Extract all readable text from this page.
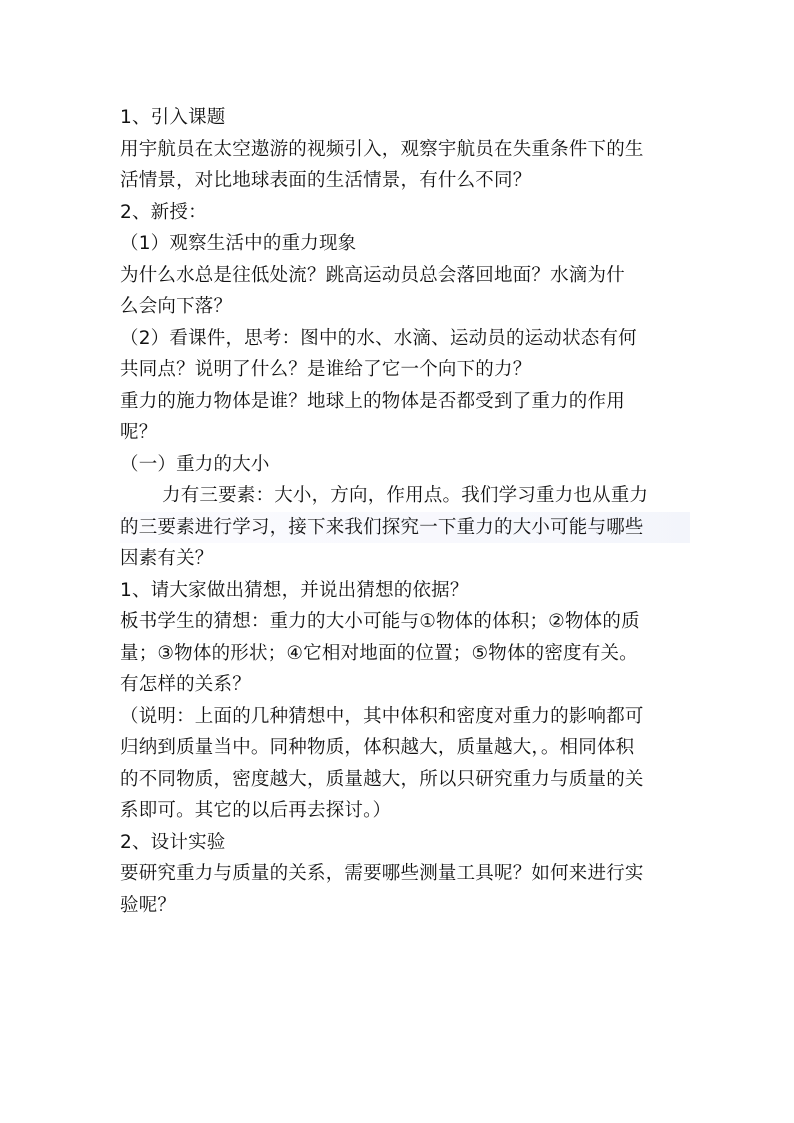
1、引入课题
用宇航员在太空遨游的视频引入，观察宇航员在失重条件下的生
活情景，对比地球表面的生活情景，有什么不同？
2、新授：
（1）观察生活中的重力现象
为什么水总是往低处流？跳高运动员总会落回地面？水滴为什
么会向下落？
（2）看课件，思考：图中的水、水滴、运动员的运动状态有何
共同点？说明了什么？是谁给了它一个向下的力？
重力的施力物体是谁？地球上的物体是否都受到了重力的作用
呢？
（一）重力的大小
力有三要素：大小，方向，作用点。我们学习重力也从重力
的三要素进行学习，接下来我们探究一下重力的大小可能与哪些
因素有关？
1、请大家做出猜想，并说出猜想的依据？
板书学生的猜想：重力的大小可能与①物体的体积；②物体的质
量；③物体的形状；④它相对地面的位置；⑤物体的密度有关。
有怎样的关系？
（说明：上面的几种猜想中，其中体积和密度对重力的影响都可
归纳到质量当中。同种物质，体积越大，质量越大，。相同体积
的不同物质，密度越大，质量越大，所以只研究重力与质量的关
系即可。其它的以后再去探讨。）
2、设计实验
要研究重力与质量的关系，需要哪些测量工具呢？如何来进行实
验呢？
